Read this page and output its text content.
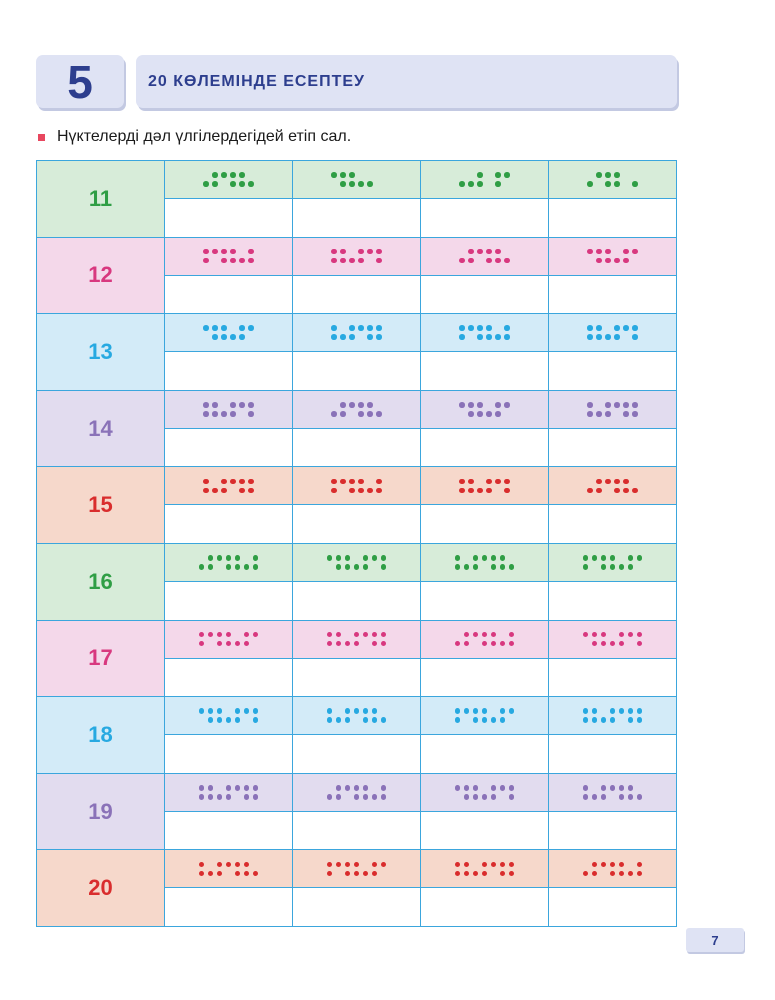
5	20 КӨЛЕМІНДЕ ЕСЕПТЕУ
Нүктелерді дәл үлгілердегідей етіп сал.
11
12
13
14
15
16
17
18
19
20
7
